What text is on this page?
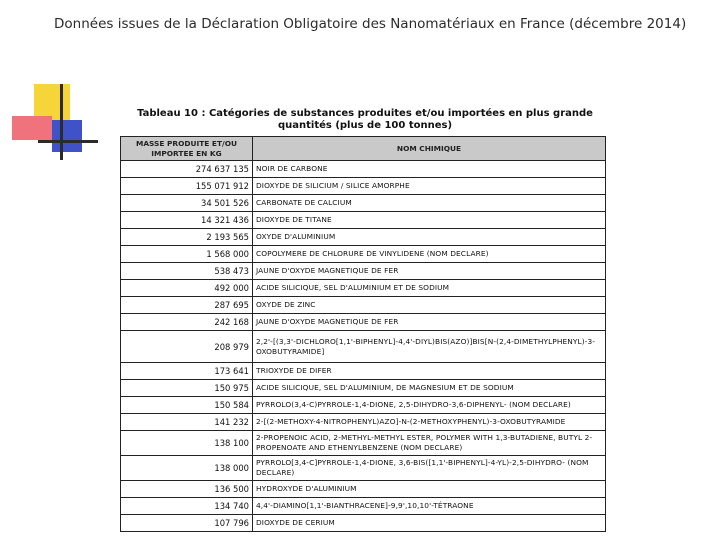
Données issues de la Déclaration Obligatoire des Nanomatériaux en France (décembre 2014)

Tableau 10 : Catégories de substances produites et/ou importées en plus grande quantités (plus de 100 tonnes)

MASSE PRODUITE ET/OU IMPORTEE EN KG	NOM CHIMIQUE
274 637 135	NOIR DE CARBONE
155 071 912	DIOXYDE DE SILICIUM / SILICE AMORPHE
34 501 526	CARBONATE DE CALCIUM
14 321 436	DIOXYDE DE TITANE
2 193 565	OXYDE D'ALUMINIUM
1 568 000	COPOLYMERE DE CHLORURE DE VINYLIDENE (NOM DECLARE)
538 473	JAUNE D'OXYDE MAGNETIQUE DE FER
492 000	ACIDE SILICIQUE, SEL D'ALUMINIUM ET DE SODIUM
287 695	OXYDE DE ZINC
242 168	JAUNE D'OXYDE MAGNETIQUE DE FER
208 979	2,2'-[(3,3'-DICHLORO[1,1'-BIPHENYL]-4,4'-DIYL)BIS(AZO)]BIS[N-(2,4-DIMETHYLPHENYL)-3-OXOBUTYRAMIDE]
173 641	TRIOXYDE DE DIFER
150 975	ACIDE SILICIQUE, SEL D'ALUMINIUM, DE MAGNESIUM ET DE SODIUM
150 584	PYRROLO(3,4-C)PYRROLE-1,4-DIONE, 2,5-DIHYDRO-3,6-DIPHENYL- (NOM DECLARE)
141 232	2-[(2-METHOXY-4-NITROPHENYL)AZO]-N-(2-METHOXYPHENYL)-3-OXOBUTYRAMIDE
138 100	2-PROPENOIC ACID, 2-METHYL-METHYL ESTER, POLYMER WITH 1,3-BUTADIENE, BUTYL 2-PROPENOATE AND ETHENYLBENZENE (NOM DECLARE)
138 000	PYRROLO[3,4-C]PYRROLE-1,4-DIONE, 3,6-BIS([1,1'-BIPHENYL]-4-YL)-2,5-DIHYDRO- (NOM DECLARE)
136 500	HYDROXYDE D'ALUMINIUM
134 740	4,4'-DIAMINO[1,1'-BIANTHRACENE]-9,9',10,10'-TÉTRAONE
107 796	DIOXYDE DE CERIUM
